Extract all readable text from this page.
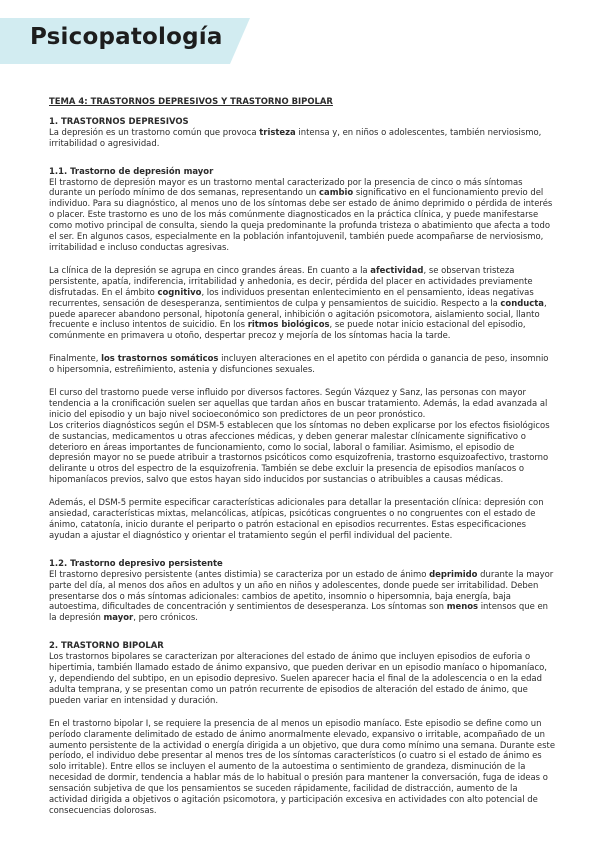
Psicopatología

TEMA 4: TRASTORNOS DEPRESIVOS Y TRASTORNO BIPOLAR

1. TRASTORNOS DEPRESIVOS

La depresión es un trastorno común que provoca tristeza intensa y, en niños o adolescentes, también nerviosismo, irritabilidad o agresividad.

1.1. Trastorno de depresión mayor

El trastorno de depresión mayor es un trastorno mental caracterizado por la presencia de cinco o más síntomas durante un período mínimo de dos semanas, representando un cambio significativo en el funcionamiento previo del individuo. Para su diagnóstico, al menos uno de los síntomas debe ser estado de ánimo deprimido o pérdida de interés o placer. Este trastorno es uno de los más comúnmente diagnosticados en la práctica clínica, y puede manifestarse como motivo principal de consulta, siendo la queja predominante la profunda tristeza o abatimiento que afecta a todo el ser. En algunos casos, especialmente en la población infantojuvenil, también puede acompañarse de nerviosismo, irritabilidad e incluso conductas agresivas.

La clínica de la depresión se agrupa en cinco grandes áreas. En cuanto a la afectividad, se observan tristeza persistente, apatía, indiferencia, irritabilidad y anhedonia, es decir, pérdida del placer en actividades previamente disfrutadas. En el ámbito cognitivo, los individuos presentan enlentecimiento en el pensamiento, ideas negativas recurrentes, sensación de desesperanza, sentimientos de culpa y pensamientos de suicidio. Respecto a la conducta, puede aparecer abandono personal, hipotonía general, inhibición o agitación psicomotora, aislamiento social, llanto frecuente e incluso intentos de suicidio. En los ritmos biológicos, se puede notar inicio estacional del episodio, comúnmente en primavera u otoño, despertar precoz y mejoría de los síntomas hacia la tarde.

Finalmente, los trastornos somáticos incluyen alteraciones en el apetito con pérdida o ganancia de peso, insomnio o hipersomnia, estreñimiento, astenia y disfunciones sexuales.

El curso del trastorno puede verse influido por diversos factores. Según Vázquez y Sanz, las personas con mayor tendencia a la cronificación suelen ser aquellas que tardan años en buscar tratamiento. Además, la edad avanzada al inicio del episodio y un bajo nivel socioeconómico son predictores de un peor pronóstico.

Los criterios diagnósticos según el DSM-5 establecen que los síntomas no deben explicarse por los efectos fisiológicos de sustancias, medicamentos u otras afecciones médicas, y deben generar malestar clínicamente significativo o deterioro en áreas importantes de funcionamiento, como lo social, laboral o familiar. Asimismo, el episodio de depresión mayor no se puede atribuir a trastornos psicóticos como esquizofrenia, trastorno esquizoafectivo, trastorno delirante u otros del espectro de la esquizofrenia. También se debe excluir la presencia de episodios maníacos o hipomaníacos previos, salvo que estos hayan sido inducidos por sustancias o atribuibles a causas médicas.

Además, el DSM-5 permite especificar características adicionales para detallar la presentación clínica: depresión con ansiedad, características mixtas, melancólicas, atípicas, psicóticas congruentes o no congruentes con el estado de ánimo, catatonía, inicio durante el periparto o patrón estacional en episodios recurrentes. Estas especificaciones ayudan a ajustar el diagnóstico y orientar el tratamiento según el perfil individual del paciente.

1.2. Trastorno depresivo persistente

El trastorno depresivo persistente (antes distimia) se caracteriza por un estado de ánimo deprimido durante la mayor parte del día, al menos dos años en adultos y un año en niños y adolescentes, donde puede ser irritabilidad. Deben presentarse dos o más síntomas adicionales: cambios de apetito, insomnio o hipersomnia, baja energía, baja autoestima, dificultades de concentración y sentimientos de desesperanza. Los síntomas son menos intensos que en la depresión mayor, pero crónicos.

2. TRASTORNO BIPOLAR

Los trastornos bipolares se caracterizan por alteraciones del estado de ánimo que incluyen episodios de euforia o hipertimia, también llamado estado de ánimo expansivo, que pueden derivar en un episodio maníaco o hipomaníaco, y, dependiendo del subtipo, en un episodio depresivo. Suelen aparecer hacia el final de la adolescencia o en la edad adulta temprana, y se presentan como un patrón recurrente de episodios de alteración del estado de ánimo, que pueden variar en intensidad y duración.

En el trastorno bipolar I, se requiere la presencia de al menos un episodio maníaco. Este episodio se define como un período claramente delimitado de estado de ánimo anormalmente elevado, expansivo o irritable, acompañado de un aumento persistente de la actividad o energía dirigida a un objetivo, que dura como mínimo una semana. Durante este período, el individuo debe presentar al menos tres de los síntomas característicos (o cuatro si el estado de ánimo es solo irritable). Entre ellos se incluyen el aumento de la autoestima o sentimiento de grandeza, disminución de la necesidad de dormir, tendencia a hablar más de lo habitual o presión para mantener la conversación, fuga de ideas o sensación subjetiva de que los pensamientos se suceden rápidamente, facilidad de distracción, aumento de la actividad dirigida a objetivos o agitación psicomotora, y participación excesiva en actividades con alto potencial de consecuencias dolorosas.
